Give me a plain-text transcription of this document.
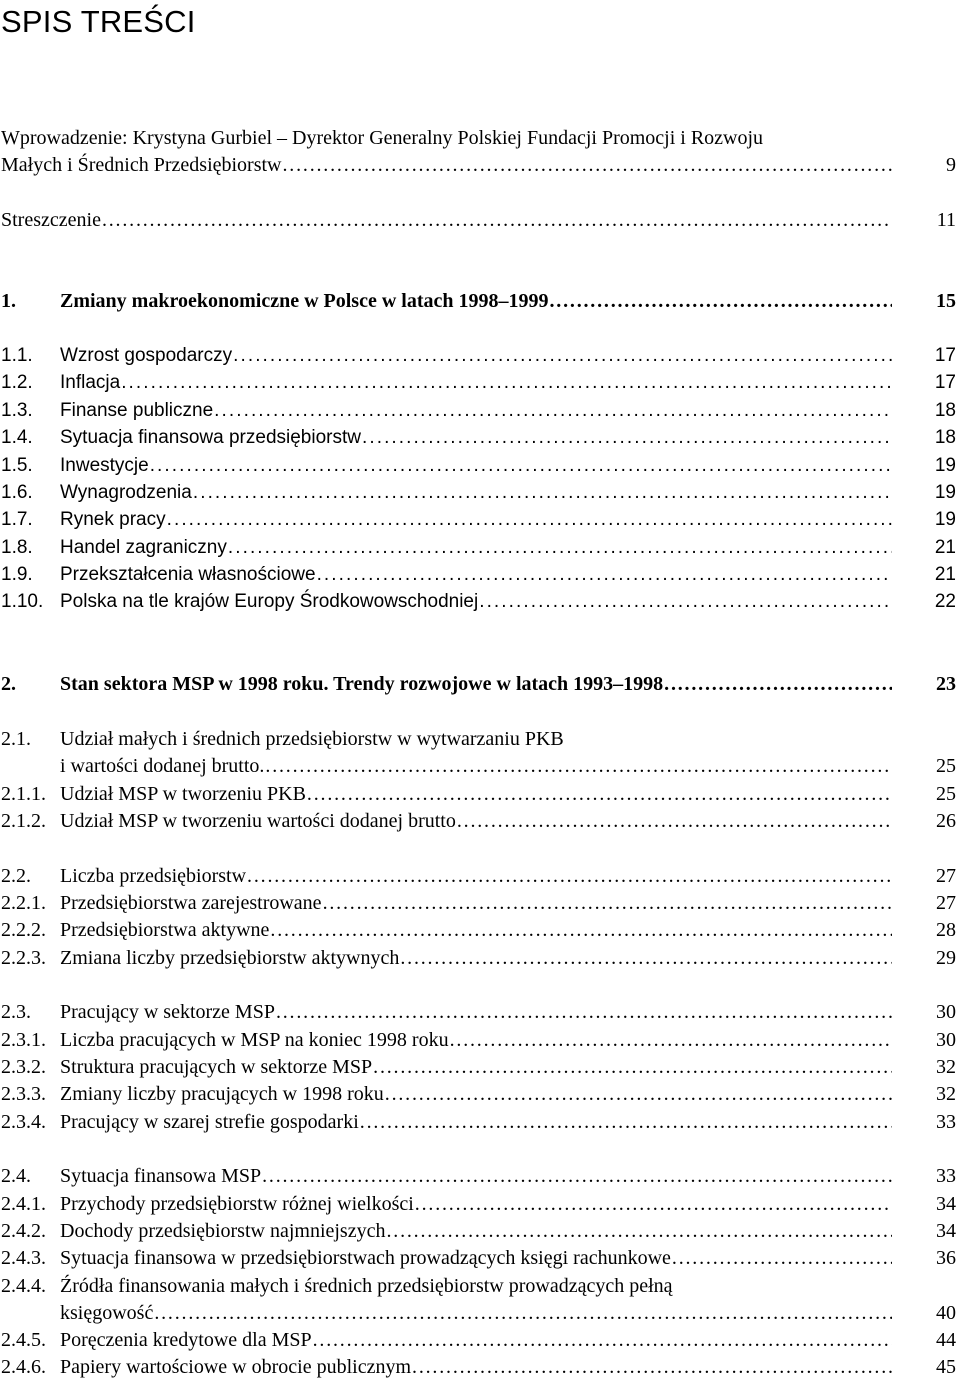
SPIS TREŚCI
Wprowadzenie: Krystyna Gurbiel – Dyrektor Generalny Polskiej Fundacji Promocji i Rozwoju
Małych i Średnich Przedsiębiorstw . . .	9
Streszczenie . . .	11
1. Zmiany makroekonomiczne w Polsce w latach 1998–1999 . . .	15
1.1. Wzrost gospodarczy . . .	17
1.2. Inflacja . . .	17
1.3. Finanse publiczne . . .	18
1.4. Sytuacja finansowa przedsiębiorstw . . .	18
1.5. Inwestycje . . .	19
1.6. Wynagrodzenia . . .	19
1.7. Rynek pracy . . .	19
1.8. Handel zagraniczny . . .	21
1.9. Przekształcenia własnościowe . . .	21
1.10. Polska na tle krajów Europy Środkowowschodniej . . .	22
2. Stan sektora MSP w 1998 roku. Trendy rozwojowe w latach 1993–1998 . . .	23
2.1. Udział małych i średnich przedsiębiorstw w wytwarzaniu PKB
i wartości dodanej brutto. . . .	25
2.1.1. Udział MSP w tworzeniu PKB . . .	25
2.1.2. Udział MSP w tworzeniu wartości dodanej brutto . . .	26
2.2. Liczba przedsiębiorstw . . .	27
2.2.1. Przedsiębiorstwa zarejestrowane . . .	27
2.2.2. Przedsiębiorstwa aktywne . . .	28
2.2.3. Zmiana liczby przedsiębiorstw aktywnych . . .	29
2.3. Pracujący w sektorze MSP . . .	30
2.3.1. Liczba pracujących w MSP na koniec 1998 roku . . .	30
2.3.2. Struktura pracujących w sektorze MSP . . .	32
2.3.3. Zmiany liczby pracujących w 1998 roku . . .	32
2.3.4. Pracujący w szarej strefie gospodarki . . .	33
2.4. Sytuacja finansowa MSP . . .	33
2.4.1. Przychody przedsiębiorstw różnej wielkości . . .	34
2.4.2. Dochody przedsiębiorstw najmniejszych . . .	34
2.4.3. Sytuacja finansowa w przedsiębiorstwach prowadzących księgi rachunkowe . . .	36
2.4.4. Źródła finansowania małych i średnich przedsiębiorstw prowadzących pełną
księgowość . . .	40
2.4.5. Poręczenia kredytowe dla MSP . . .	44
2.4.6. Papiery wartościowe w obrocie publicznym . . .	45
